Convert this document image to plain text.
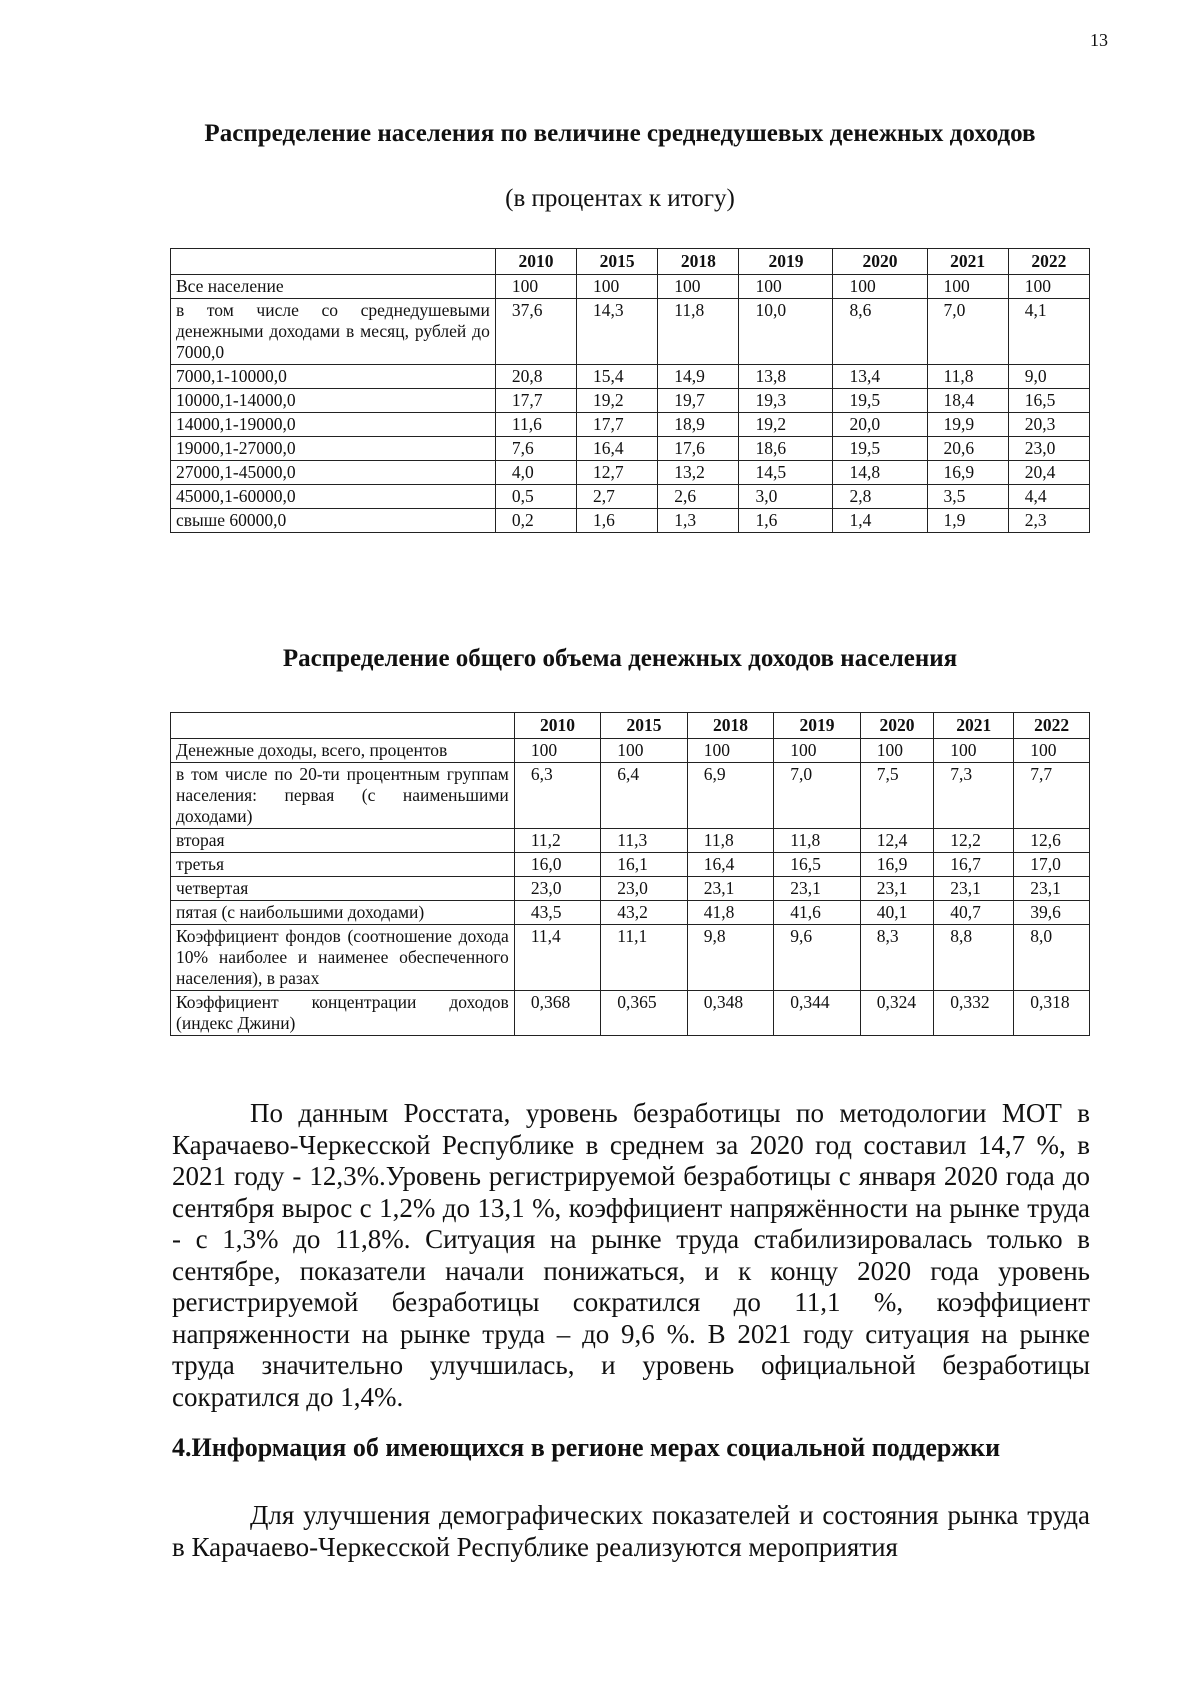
13
Распределение населения по величине среднедушевых денежных доходов
(в процентах к итогу)
	2010	2015	2018	2019	2020	2021	2022
Все население	100	100	100	100	100	100	100
в том числе со среднедушевыми денежными доходами в месяц, рублей до 7000,0	37,6	14,3	11,8	10,0	8,6	7,0	4,1
7000,1-10000,0	20,8	15,4	14,9	13,8	13,4	11,8	9,0
10000,1-14000,0	17,7	19,2	19,7	19,3	19,5	18,4	16,5
14000,1-19000,0	11,6	17,7	18,9	19,2	20,0	19,9	20,3
19000,1-27000,0	7,6	16,4	17,6	18,6	19,5	20,6	23,0
27000,1-45000,0	4,0	12,7	13,2	14,5	14,8	16,9	20,4
45000,1-60000,0	0,5	2,7	2,6	3,0	2,8	3,5	4,4
свыше 60000,0	0,2	1,6	1,3	1,6	1,4	1,9	2,3
Распределение общего объема денежных доходов населения
	2010	2015	2018	2019	2020	2021	2022
Денежные доходы, всего, процентов	100	100	100	100	100	100	100
в том числе по 20-ти процентным группам населения: первая (с наименьшими доходами)	6,3	6,4	6,9	7,0	7,5	7,3	7,7
вторая	11,2	11,3	11,8	11,8	12,4	12,2	12,6
третья	16,0	16,1	16,4	16,5	16,9	16,7	17,0
четвертая	23,0	23,0	23,1	23,1	23,1	23,1	23,1
пятая (с наибольшими доходами)	43,5	43,2	41,8	41,6	40,1	40,7	39,6
Коэффициент фондов (соотношение дохода 10% наиболее и наименее обеспеченного населения), в разах	11,4	11,1	9,8	9,6	8,3	8,8	8,0
Коэффициент концентрации доходов (индекс Джини)	0,368	0,365	0,348	0,344	0,324	0,332	0,318
По данным Росстата, уровень безработицы по методологии МОТ в Карачаево-Черкесской Республике в среднем за 2020 год составил 14,7 %, в 2021 году - 12,3%.Уровень регистрируемой безработицы с января 2020 года до сентября вырос с 1,2% до 13,1 %, коэффициент напряжённости на рынке труда - с 1,3% до 11,8%. Ситуация на рынке труда стабилизировалась только в сентябре, показатели начали понижаться, и к концу 2020 года уровень регистрируемой безработицы сократился до 11,1 %, коэффициент напряженности на рынке труда – до 9,6 %. В 2021 году ситуация на рынке труда значительно улучшилась, и уровень официальной безработицы сократился до 1,4%.
4.Информация об имеющихся в регионе мерах социальной поддержки
Для улучшения демографических показателей и состояния рынка труда в Карачаево-Черкесской Республике реализуются мероприятия
